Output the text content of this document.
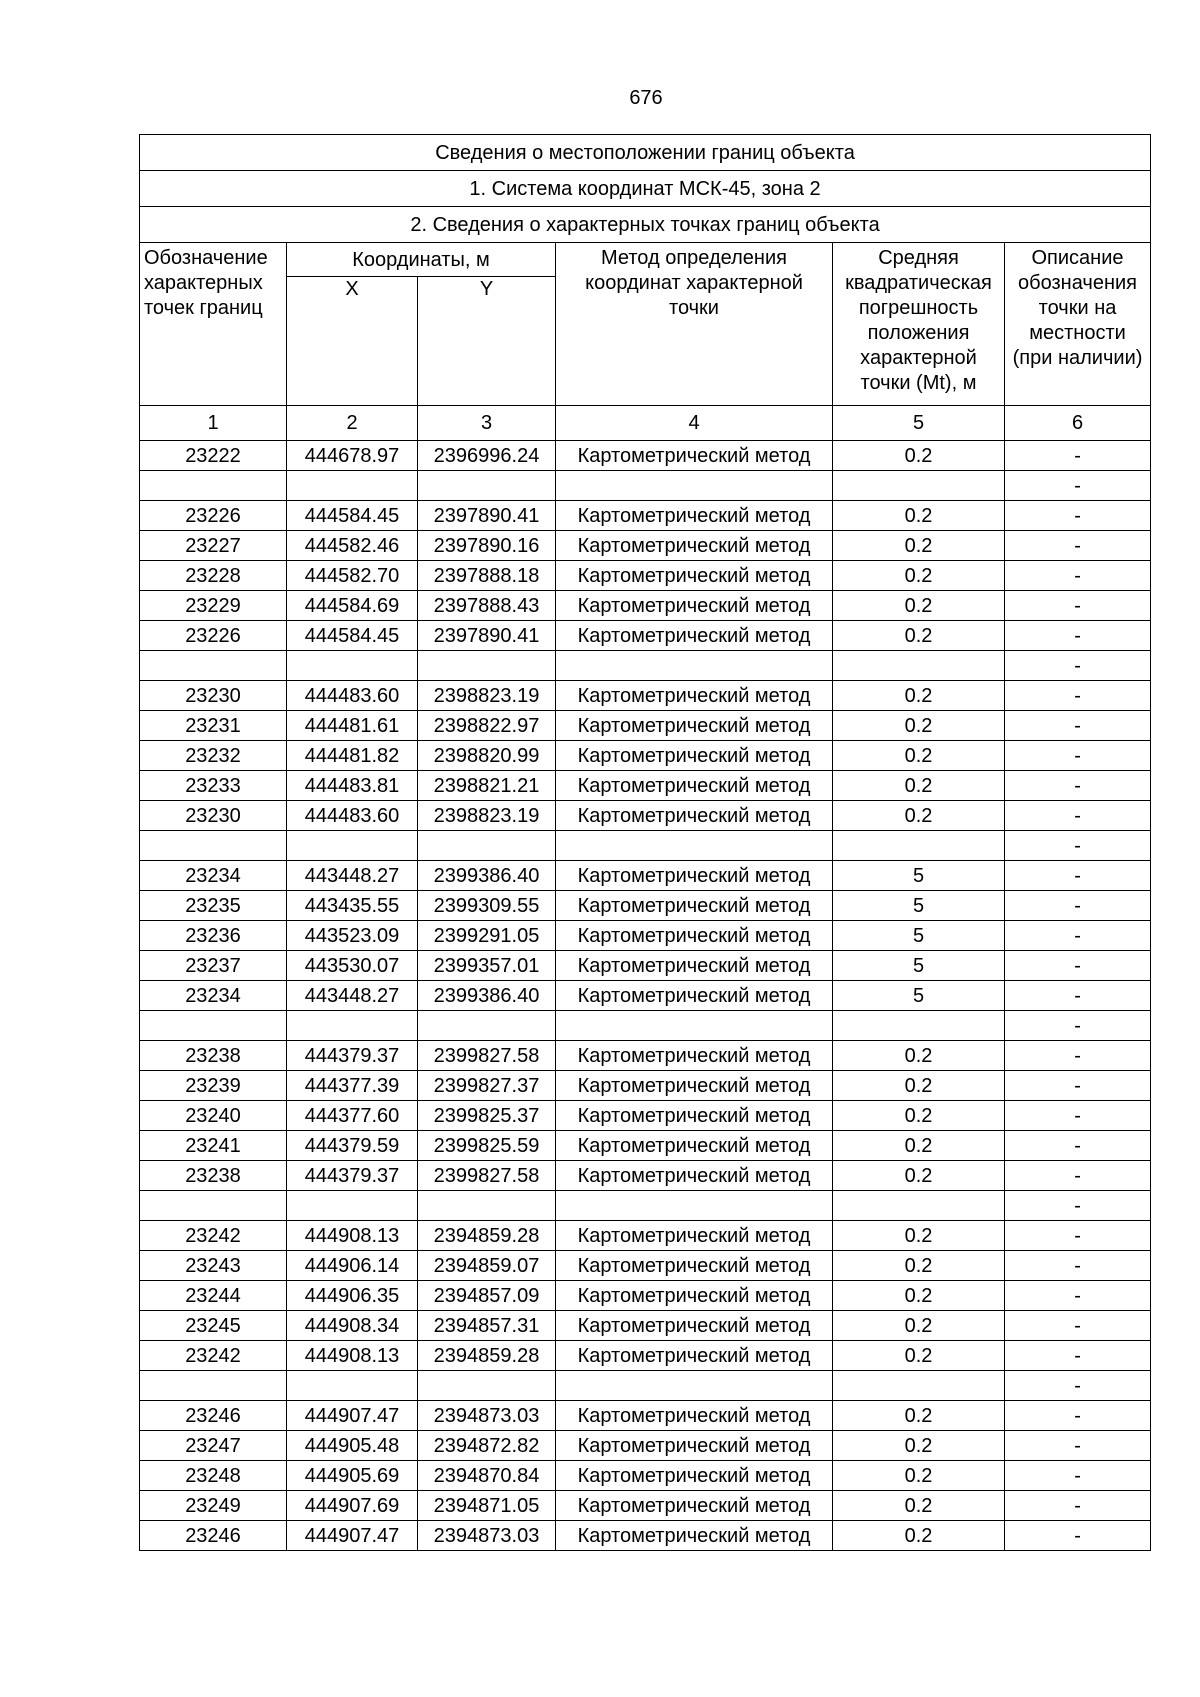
676
Сведения о местоположении границ объекта					
1. Система координат МСК-45, зона 2					
2. Сведения о характерных точках границ объекта					
Обозначение характерных точек границ	Координаты, м		Метод определения координат характерной точки	Средняя квадратическая погрешность положения характерной точки (Mt), м	Описание обозначения точки на местности (при наличии)
	X	Y			
1	2	3	4	5	6
23222	444678.97	2396996.24	Картометрический метод	0.2	-
					-
23226	444584.45	2397890.41	Картометрический метод	0.2	-
23227	444582.46	2397890.16	Картометрический метод	0.2	-
23228	444582.70	2397888.18	Картометрический метод	0.2	-
23229	444584.69	2397888.43	Картометрический метод	0.2	-
23226	444584.45	2397890.41	Картометрический метод	0.2	-
					-
23230	444483.60	2398823.19	Картометрический метод	0.2	-
23231	444481.61	2398822.97	Картометрический метод	0.2	-
23232	444481.82	2398820.99	Картометрический метод	0.2	-
23233	444483.81	2398821.21	Картометрический метод	0.2	-
23230	444483.60	2398823.19	Картометрический метод	0.2	-
					-
23234	443448.27	2399386.40	Картометрический метод	5	-
23235	443435.55	2399309.55	Картометрический метод	5	-
23236	443523.09	2399291.05	Картометрический метод	5	-
23237	443530.07	2399357.01	Картометрический метод	5	-
23234	443448.27	2399386.40	Картометрический метод	5	-
					-
23238	444379.37	2399827.58	Картометрический метод	0.2	-
23239	444377.39	2399827.37	Картометрический метод	0.2	-
23240	444377.60	2399825.37	Картометрический метод	0.2	-
23241	444379.59	2399825.59	Картометрический метод	0.2	-
23238	444379.37	2399827.58	Картометрический метод	0.2	-
					-
23242	444908.13	2394859.28	Картометрический метод	0.2	-
23243	444906.14	2394859.07	Картометрический метод	0.2	-
23244	444906.35	2394857.09	Картометрический метод	0.2	-
23245	444908.34	2394857.31	Картометрический метод	0.2	-
23242	444908.13	2394859.28	Картометрический метод	0.2	-
					-
23246	444907.47	2394873.03	Картометрический метод	0.2	-
23247	444905.48	2394872.82	Картометрический метод	0.2	-
23248	444905.69	2394870.84	Картометрический метод	0.2	-
23249	444907.69	2394871.05	Картометрический метод	0.2	-
23246	444907.47	2394873.03	Картометрический метод	0.2	-
